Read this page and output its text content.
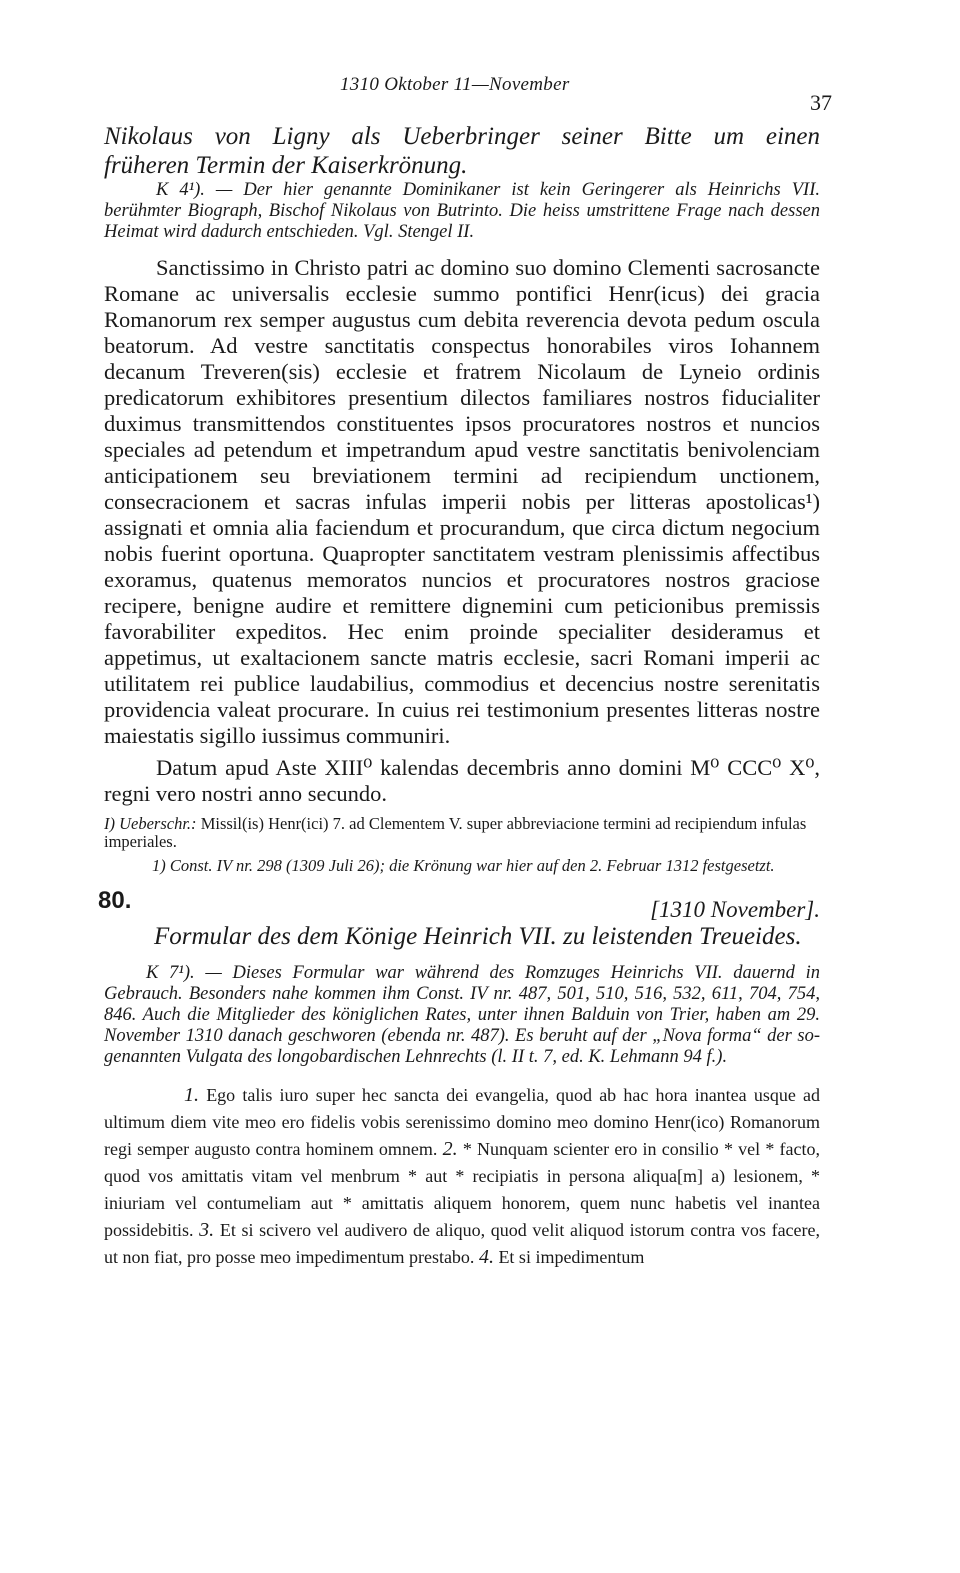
1310 Oktober 11—November
37
Nikolaus von Ligny als Ueberbringer seiner Bitte um einen
früheren Termin der Kaiserkrönung.

K 4¹). — Der hier genannte Dominikaner ist kein Geringerer als Heinrichs VII. berühmter Biograph, Bischof Nikolaus von Butrinto. Die heiss umstrittene Frage nach dessen Heimat wird dadurch entschieden. Vgl. Stengel II.

Sanctissimo in Christo patri ac domino suo domino Clementi sacrosancte Romane ac universalis ecclesie summo pontifici Henr(icus) dei gracia Romanorum rex semper augustus cum debita reverencia devota pedum oscula beatorum. Ad vestre sanctitatis conspectus honorabiles viros Iohannem decanum Treveren(sis) ecclesie et fratrem Nicolaum de Lyneio ordinis predicatorum exhibitores presentium dilectos familiares nostros fiducialiter duximus transmittendos constituentes ipsos procuratores nostros et nuncios speciales ad petendum et impetrandum apud vestre sanctitatis benivolenciam anticipationem seu breviationem termini ad recipiendum unctionem, consecracionem et sacras infulas imperii nobis per litteras apostolicas¹) assignati et omnia alia faciendum et procurandum, que circa dictum negocium nobis fuerint oportuna. Quapropter sanctitatem vestram plenissimis affectibus exoramus, quatenus memoratos nuncios et procuratores nostros graciose recipere, benigne audire et remittere dignemini cum peticionibus premissis favorabiliter expeditos. Hec enim proinde specialiter desideramus et appetimus, ut exaltacionem sancte matris ecclesie, sacri Romani imperii ac utilitatem rei publice laudabilius, commodius et decencius nostre serenitatis providencia valeat procurare. In cuius rei testimonium presentes litteras nostre maiestatis sigillo iussimus communiri.

Datum apud Aste XIII⁰ kalendas decembris anno domini M⁰ CCC⁰ X⁰, regni vero nostri anno secundo.

I) Ueberschr.: Missil(is) Henr(ici) 7. ad Clementem V. super abbreviacione termini ad recipiendum infulas imperiales.

1) Const. IV nr. 298 (1309 Juli 26); die Krönung war hier auf den 2. Februar 1312 festgesetzt.

80.	[1310 November].

Formular des dem Könige Heinrich VII. zu leistenden Treueides.

K 7¹). — Dieses Formular war während des Romzuges Heinrichs VII. dauernd in Gebrauch. Besonders nahe kommen ihm Const. IV nr. 487, 501, 510, 516, 532, 611, 704, 754, 846. Auch die Mitglieder des königlichen Rates, unter ihnen Balduin von Trier, haben am 29. November 1310 danach geschworen (ebenda nr. 487). Es beruht auf der „Nova forma“ der sogenannten Vulgata des longobardischen Lehnrechts (l. II t. 7, ed. K. Lehmann 94 f.).

1. Ego talis iuro super hec sancta dei evangelia, quod ab hac hora inantea usque ad ultimum diem vite meo ero fidelis vobis serenissimo domino meo domino Henr(ico) Romanorum regi semper augusto contra hominem omnem. 2. * Nunquam scienter ero in consilio * vel * facto, quod vos amittatis vitam vel menbrum * aut * recipiatis in persona aliqua[m] a) lesionem, * iniuriam vel contumeliam aut * amittatis aliquem honorem, quem nunc habetis vel inantea possidebitis. 3. Et si scivero vel audivero de aliquo, quod velit aliquod istorum contra vos facere, ut non fiat, pro posse meo impedimentum prestabo. 4. Et si impedimentum
